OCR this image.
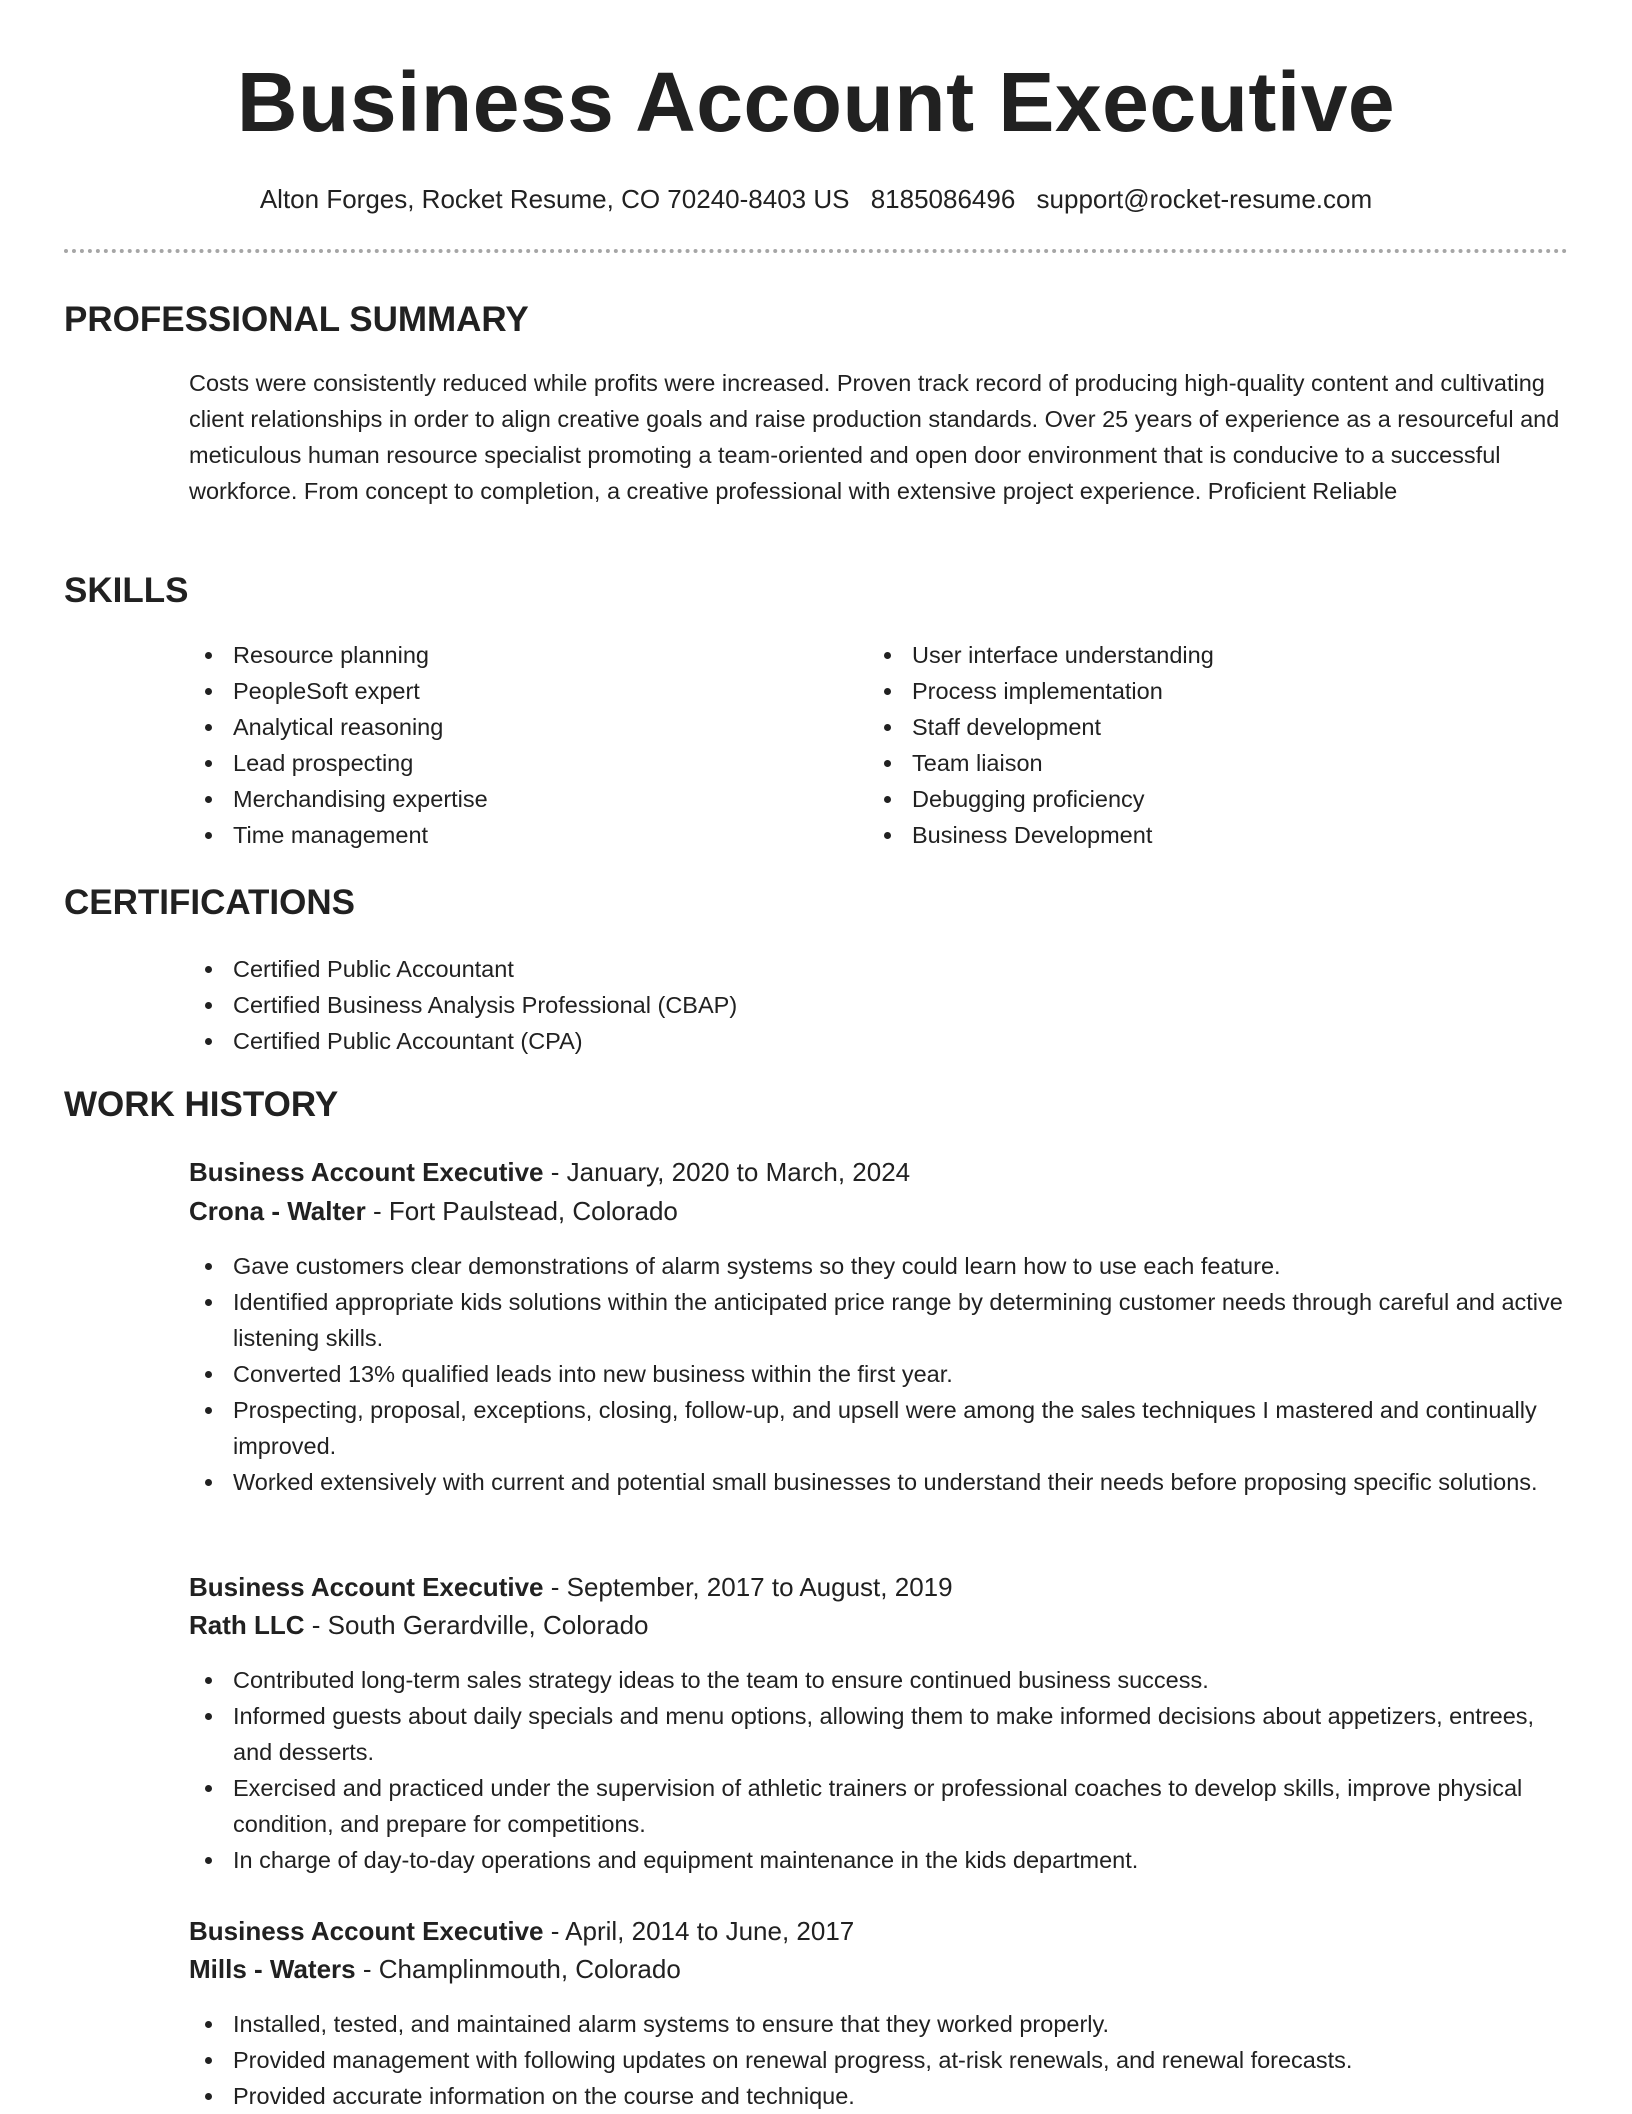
Business Account Executive
Alton Forges, Rocket Resume, CO 70240-8403 US 8185086496 support@rocket-resume.com
PROFESSIONAL SUMMARY

Costs were consistently reduced while profits were increased. Proven track record of producing high-quality content and cultivating client relationships in order to align creative goals and raise production standards. Over 25 years of experience as a resourceful and meticulous human resource specialist promoting a team-oriented and open door environment that is conducive to a successful workforce. From concept to completion, a creative professional with extensive project experience. Proficient Reliable

SKILLS
Resource planning
PeopleSoft expert
Analytical reasoning
Lead prospecting
Merchandising expertise
Time management
User interface understanding
Process implementation
Staff development
Team liaison
Debugging proficiency
Business Development
CERTIFICATIONS
Certified Public Accountant
Certified Business Analysis Professional (CBAP)
Certified Public Accountant (CPA)
WORK HISTORY
Business Account Executive - January, 2020 to March, 2024
Crona - Walter - Fort Paulstead, Colorado
Gave customers clear demonstrations of alarm systems so they could learn how to use each feature.
Identified appropriate kids solutions within the anticipated price range by determining customer needs through careful and active listening skills.
Converted 13% qualified leads into new business within the first year.
Prospecting, proposal, exceptions, closing, follow-up, and upsell were among the sales techniques I mastered and continually improved.
Worked extensively with current and potential small businesses to understand their needs before proposing specific solutions.
Business Account Executive - September, 2017 to August, 2019
Rath LLC - South Gerardville, Colorado
Contributed long-term sales strategy ideas to the team to ensure continued business success.
Informed guests about daily specials and menu options, allowing them to make informed decisions about appetizers, entrees, and desserts.
Exercised and practiced under the supervision of athletic trainers or professional coaches to develop skills, improve physical condition, and prepare for competitions.
In charge of day-to-day operations and equipment maintenance in the kids department.
Business Account Executive - April, 2014 to June, 2017
Mills - Waters - Champlinmouth, Colorado
Installed, tested, and maintained alarm systems to ensure that they worked properly.
Provided management with following updates on renewal progress, at-risk renewals, and renewal forecasts.
Provided accurate information on the course and technique.
